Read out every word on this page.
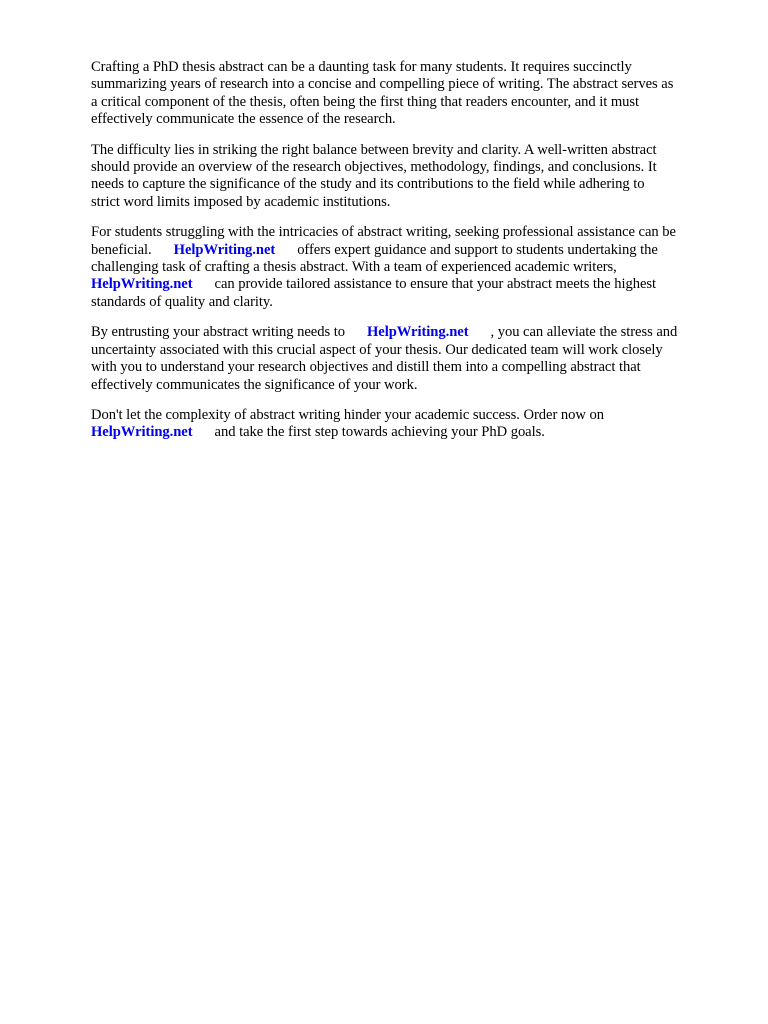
Crafting a PhD thesis abstract can be a daunting task for many students. It requires succinctly
summarizing years of research into a concise and compelling piece of writing. The abstract serves as
a critical component of the thesis, often being the first thing that readers encounter, and it must
effectively communicate the essence of the research.

The difficulty lies in striking the right balance between brevity and clarity. A well-written abstract
should provide an overview of the research objectives, methodology, findings, and conclusions. It
needs to capture the significance of the study and its contributions to the field while adhering to
strict word limits imposed by academic institutions.

For students struggling with the intricacies of abstract writing, seeking professional assistance can be
beneficial. HelpWriting.net offers expert guidance and support to students undertaking the
challenging task of crafting a thesis abstract. With a team of experienced academic writers,
HelpWriting.net can provide tailored assistance to ensure that your abstract meets the highest
standards of quality and clarity.

By entrusting your abstract writing needs to HelpWriting.net , you can alleviate the stress and
uncertainty associated with this crucial aspect of your thesis. Our dedicated team will work closely
with you to understand your research objectives and distill them into a compelling abstract that
effectively communicates the significance of your work.

Don't let the complexity of abstract writing hinder your academic success. Order now on
HelpWriting.net and take the first step towards achieving your PhD goals.
